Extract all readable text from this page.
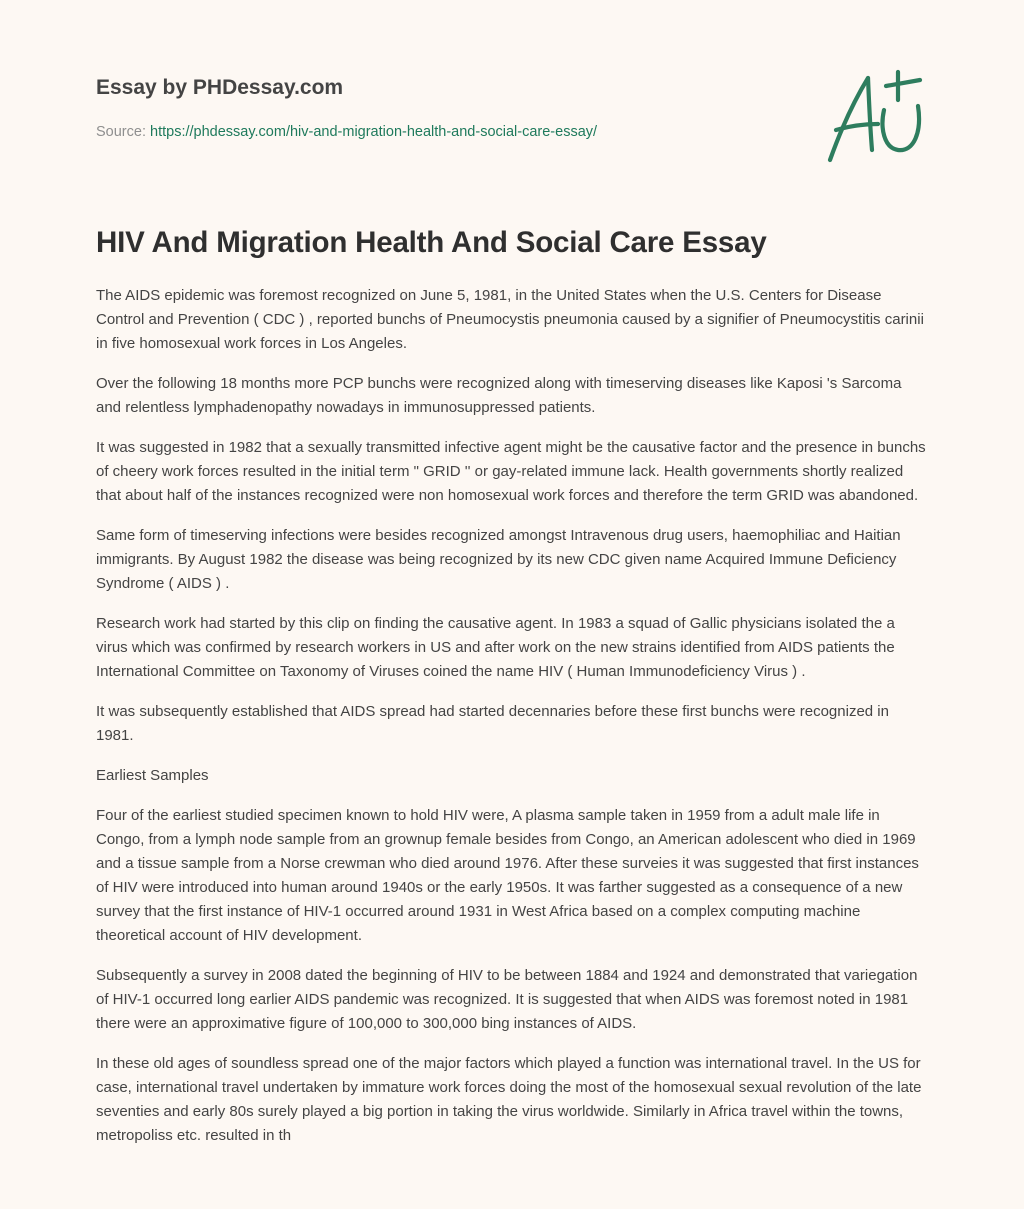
Essay by PHDessay.com

Source: https://phdessay.com/hiv-and-migration-health-and-social-care-essay/

HIV And Migration Health And Social Care Essay

The AIDS epidemic was foremost recognized on June 5, 1981, in the United States when the U.S. Centers for Disease Control and Prevention ( CDC ) , reported bunchs of Pneumocystis pneumonia caused by a signifier of Pneumocystitis carinii in five homosexual work forces in Los Angeles.

Over the following 18 months more PCP bunchs were recognized along with timeserving diseases like Kaposi 's Sarcoma and relentless lymphadenopathy nowadays in immunosuppressed patients.

It was suggested in 1982 that a sexually transmitted infective agent might be the causative factor and the presence in bunchs of cheery work forces resulted in the initial term " GRID '' or gay-related immune lack. Health governments shortly realized that about half of the instances recognized were non homosexual work forces and therefore the term GRID was abandoned.

Same form of timeserving infections were besides recognized amongst Intravenous drug users, haemophiliac and Haitian immigrants. By August 1982 the disease was being recognized by its new CDC given name Acquired Immune Deficiency Syndrome ( AIDS ) .

Research work had started by this clip on finding the causative agent. In 1983 a squad of Gallic physicians isolated the a virus which was confirmed by research workers in US and after work on the new strains identified from AIDS patients the International Committee on Taxonomy of Viruses coined the name HIV ( Human Immunodeficiency Virus ) .

It was subsequently established that AIDS spread had started decennaries before these first bunchs were recognized in 1981.

Earliest Samples

Four of the earliest studied specimen known to hold HIV were, A plasma sample taken in 1959 from a adult male life in Congo, from a lymph node sample from an grownup female besides from Congo, an American adolescent who died in 1969 and a tissue sample from a Norse crewman who died around 1976. After these surveies it was suggested that first instances of HIV were introduced into human around 1940s or the early 1950s. It was farther suggested as a consequence of a new survey that the first instance of HIV-1 occurred around 1931 in West Africa based on a complex computing machine theoretical account of HIV development.

Subsequently a survey in 2008 dated the beginning of HIV to be between 1884 and 1924 and demonstrated that variegation of HIV-1 occurred long earlier AIDS pandemic was recognized. It is suggested that when AIDS was foremost noted in 1981 there were an approximative figure of 100,000 to 300,000 bing instances of AIDS.

In these old ages of soundless spread one of the major factors which played a function was international travel. In the US for case, international travel undertaken by immature work forces doing the most of the homosexual sexual revolution of the late seventies and early 80s surely played a big portion in taking the virus worldwide. Similarly in Africa travel within the towns, metropoliss etc. resulted in th
